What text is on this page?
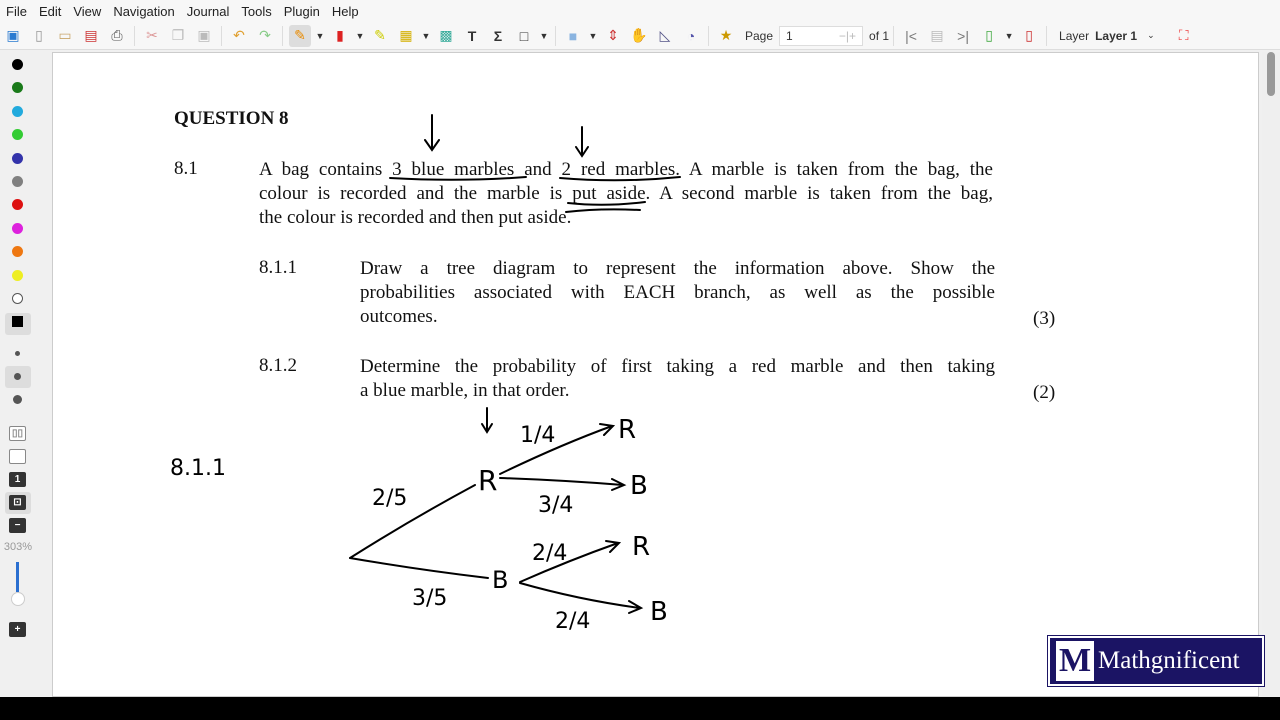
File Edit View Navigation Journal Tools Plugin Help
▣	▯	▭ ▤ ⎙	✂ ❐ ▣	↶	↷	✎	▼ ▮	▼ ✎ ▦ ▼ ▩	T	Σ	□	▼	■	▼ ⇕ ✋ ◺	◔	★	Page 1	−|+	of 1	|< ▤ >|	▯	▼ ▯	Layer Layer 1 ⌄	⛶
▯▯
1
⊡
−
303%
+
QUESTION 8
8.1	A bag contains 3 blue marbles and 2 red marbles. A marble is taken from the bag, the
colour is recorded and the marble is put aside. A second marble is taken from the bag,
the colour is recorded and then put aside.
8.1.1	Draw a tree diagram to represent the information above. Show the
probabilities associated with EACH branch, as well as the possible
outcomes.	(3)
8.1.2	Determine the probability of first taking a red marble and then taking
a blue marble, in that order.	(2)
8.1.1
2/5
3/5
R
B
1/4
3/4
2/4
2/4
R
B
R
B
M Mathgnificent
